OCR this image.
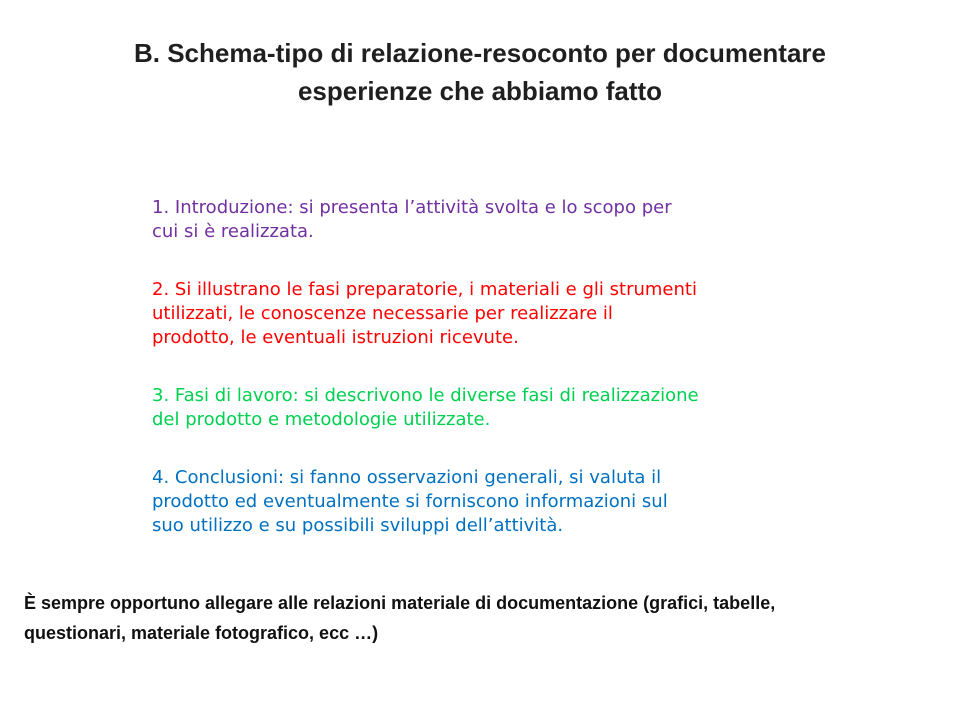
B. Schema-tipo di relazione-resoconto per documentare
esperienze che abbiamo fatto
1. Introduzione: si presenta l’attività svolta e lo scopo per
cui si è realizzata.
2. Si illustrano le fasi preparatorie, i materiali e gli strumenti
utilizzati, le conoscenze necessarie per realizzare il
prodotto, le eventuali istruzioni ricevute.
3. Fasi di lavoro: si descrivono le diverse fasi di realizzazione
del prodotto e metodologie utilizzate.
4. Conclusioni: si fanno osservazioni generali, si valuta il
prodotto ed eventualmente si forniscono informazioni sul
suo utilizzo e su possibili sviluppi dell’attività.
È sempre opportuno allegare alle relazioni materiale di documentazione (grafici, tabelle,
questionari, materiale fotografico, ecc …)
